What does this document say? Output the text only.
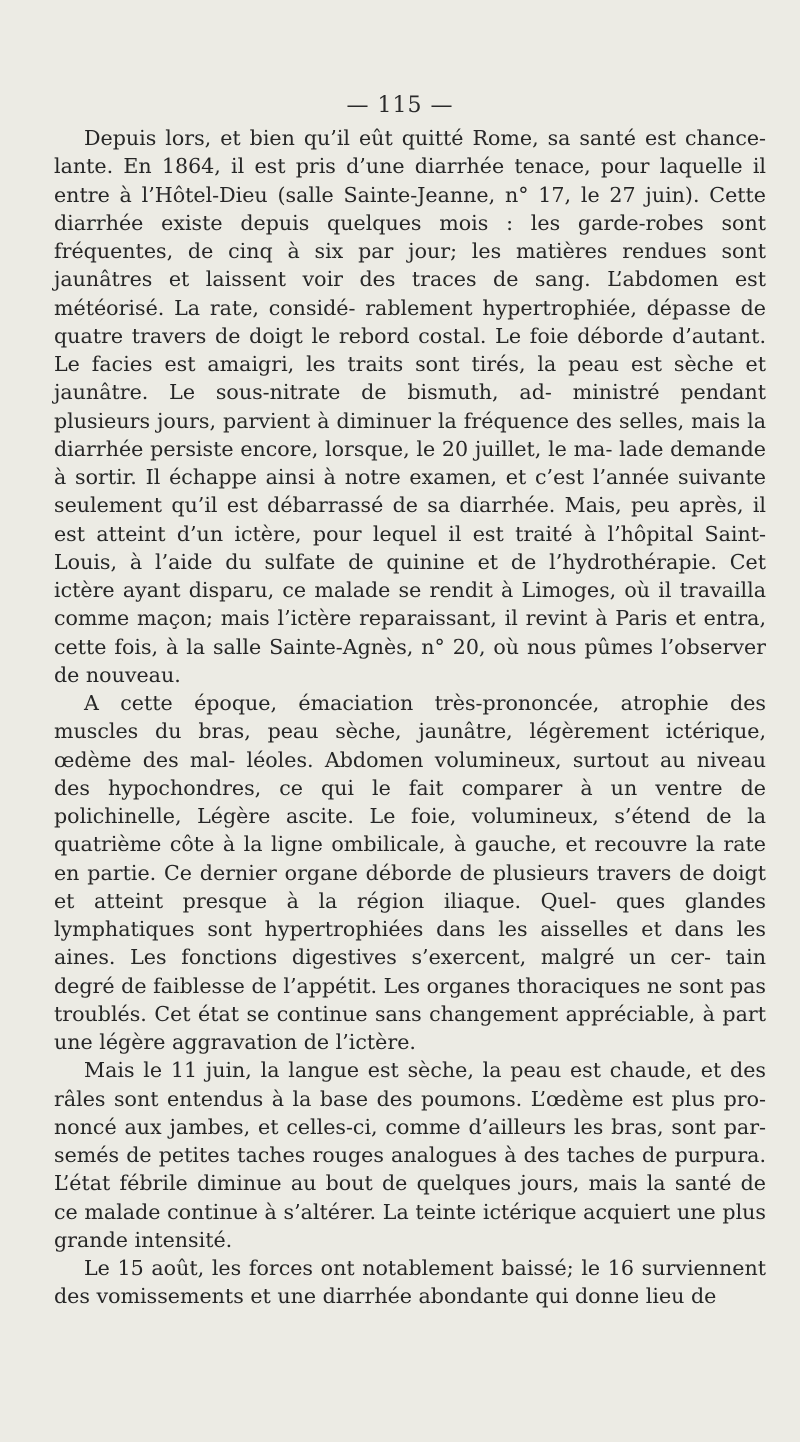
— 115 —

Depuis lors, et bien qu’il eût quitté Rome, sa santé est chance- lante. En 1864, il est pris d’une diarrhée tenace, pour laquelle il entre à l’Hôtel-Dieu (salle Sainte-Jeanne, n° 17, le 27 juin). Cette diarrhée existe depuis quelques mois : les garde-robes sont fréquentes, de cinq à six par jour; les matières rendues sont jaunâtres et laissent voir des traces de sang. L’abdomen est météorisé. La rate, considé- rablement hypertrophiée, dépasse de quatre travers de doigt le rebord costal. Le foie déborde d’autant. Le facies est amaigri, les traits sont tirés, la peau est sèche et jaunâtre. Le sous-nitrate de bismuth, ad- ministré pendant plusieurs jours, parvient à diminuer la fréquence des selles, mais la diarrhée persiste encore, lorsque, le 20 juillet, le ma- lade demande à sortir. Il échappe ainsi à notre examen, et c’est l’année suivante seulement qu’il est débarrassé de sa diarrhée. Mais, peu après, il est atteint d’un ictère, pour lequel il est traité à l’hôpital Saint-Louis, à l’aide du sulfate de quinine et de l’hydrothérapie. Cet ictère ayant disparu, ce malade se rendit à Limoges, où il travailla comme maçon; mais l’ictère reparaissant, il revint à Paris et entra, cette fois, à la salle Sainte-Agnès, n° 20, où nous pûmes l’observer de nouveau.

A cette époque, émaciation très-prononcée, atrophie des muscles du bras, peau sèche, jaunâtre, légèrement ictérique, œdème des mal- léoles. Abdomen volumineux, surtout au niveau des hypochondres, ce qui le fait comparer à un ventre de polichinelle, Légère ascite. Le foie, volumineux, s’étend de la quatrième côte à la ligne ombilicale, à gauche, et recouvre la rate en partie. Ce dernier organe déborde de plusieurs travers de doigt et atteint presque à la région iliaque. Quel- ques glandes lymphatiques sont hypertrophiées dans les aisselles et dans les aines. Les fonctions digestives s’exercent, malgré un cer- tain degré de faiblesse de l’appétit. Les organes thoraciques ne sont pas troublés. Cet état se continue sans changement appréciable, à part une légère aggravation de l’ictère.

Mais le 11 juin, la langue est sèche, la peau est chaude, et des râles sont entendus à la base des poumons. L’œdème est plus pro- noncé aux jambes, et celles-ci, comme d’ailleurs les bras, sont par- semés de petites taches rouges analogues à des taches de purpura. L’état fébrile diminue au bout de quelques jours, mais la santé de ce malade continue à s’altérer. La teinte ictérique acquiert une plus grande intensité.

Le 15 août, les forces ont notablement baissé; le 16 surviennent des vomissements et une diarrhée abondante qui donne lieu de
